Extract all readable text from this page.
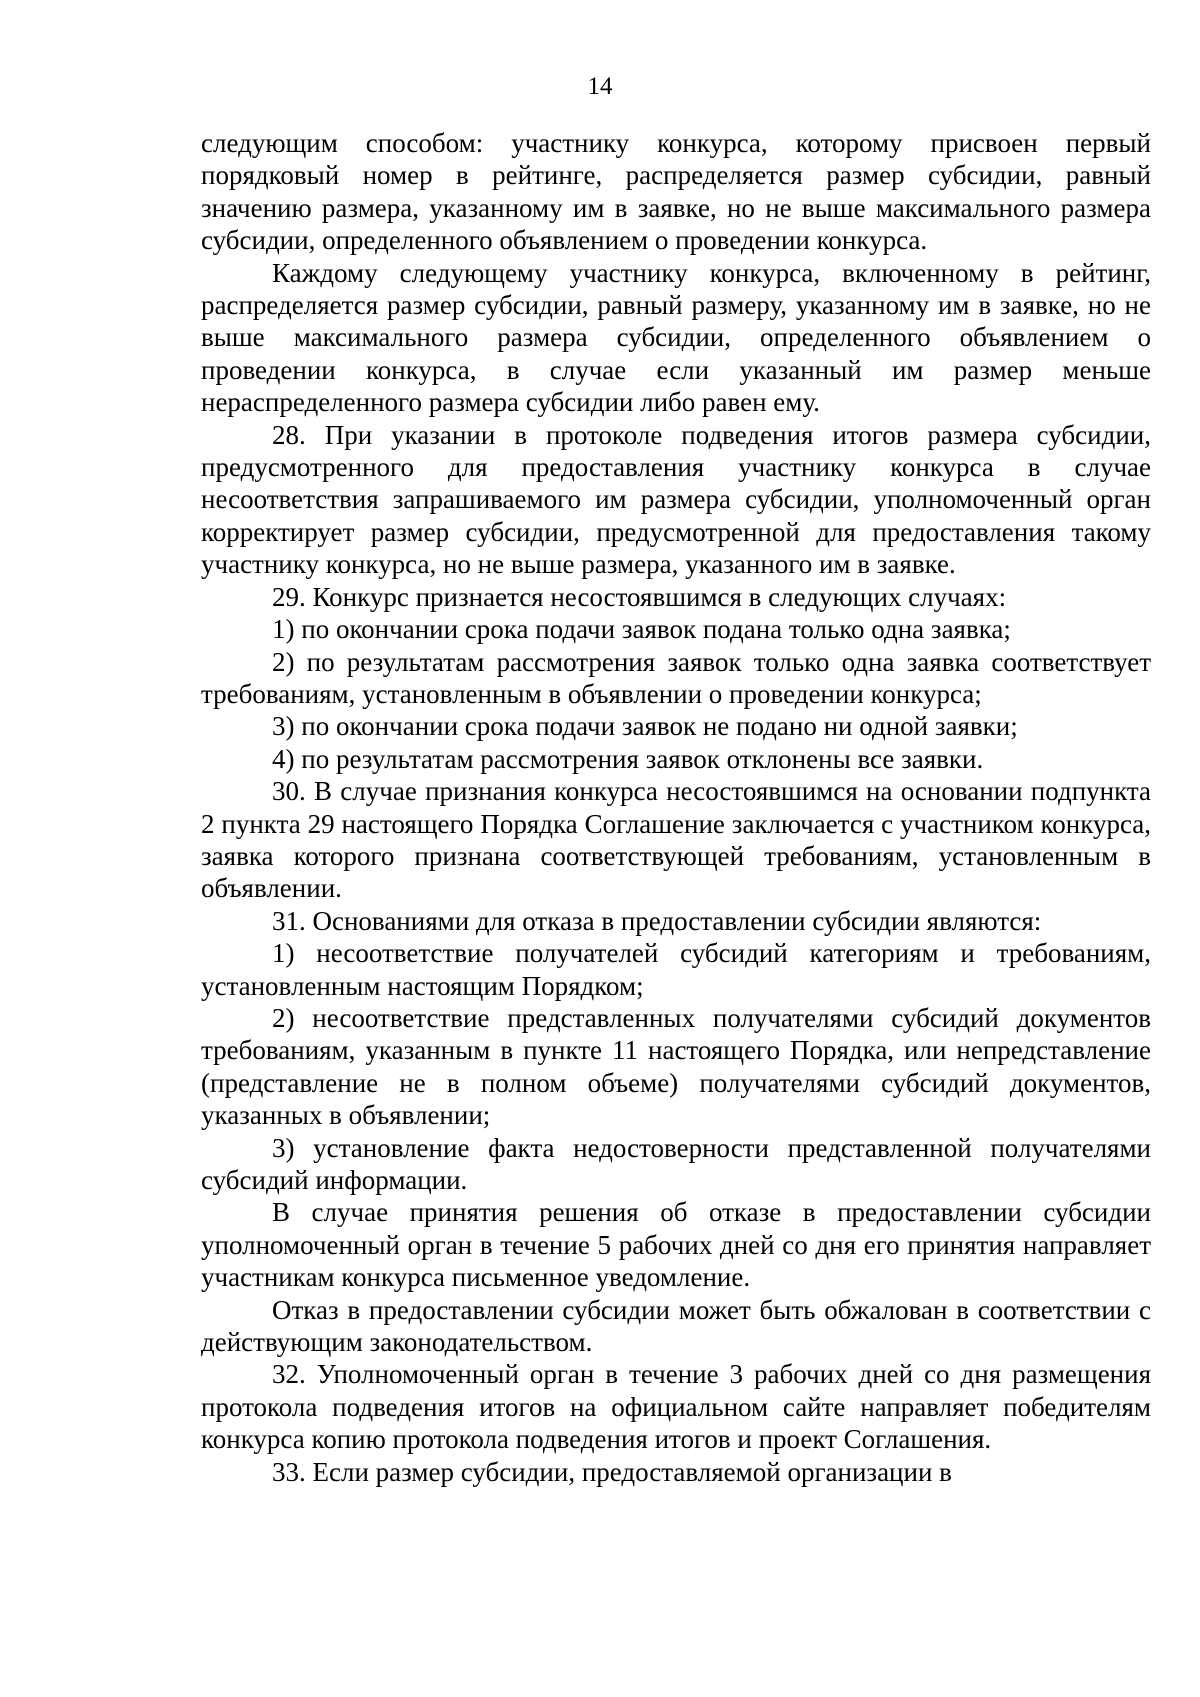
14

следующим способом: участнику конкурса, которому присвоен первый порядковый номер в рейтинге, распределяется размер субсидии, равный значению размера, указанному им в заявке, но не выше максимального размера субсидии, определенного объявлением о проведении конкурса.

Каждому следующему участнику конкурса, включенному в рейтинг, распределяется размер субсидии, равный размеру, указанному им в заявке, но не выше максимального размера субсидии, определенного объявлением о проведении конкурса, в случае если указанный им размер меньше нераспределенного размера субсидии либо равен ему.

28. При указании в протоколе подведения итогов размера субсидии, предусмотренного для предоставления участнику конкурса в случае несоответствия запрашиваемого им размера субсидии, уполномоченный орган корректирует размер субсидии, предусмотренной для предоставления такому участнику конкурса, но не выше размера, указанного им в заявке.

29. Конкурс признается несостоявшимся в следующих случаях:

1) по окончании срока подачи заявок подана только одна заявка;

2) по результатам рассмотрения заявок только одна заявка соответствует требованиям, установленным в объявлении о проведении конкурса;

3) по окончании срока подачи заявок не подано ни одной заявки;

4) по результатам рассмотрения заявок отклонены все заявки.

30. В случае признания конкурса несостоявшимся на основании подпункта 2 пункта 29 настоящего Порядка Соглашение заключается с участником конкурса, заявка которого признана соответствующей требованиям, установленным в объявлении.

31. Основаниями для отказа в предоставлении субсидии являются:

1) несоответствие получателей субсидий категориям и требованиям, установленным настоящим Порядком;

2) несоответствие представленных получателями субсидий документов требованиям, указанным в пункте 11 настоящего Порядка, или непредставление (представление не в полном объеме) получателями субсидий документов, указанных в объявлении;

3) установление факта недостоверности представленной получателями субсидий информации.

В случае принятия решения об отказе в предоставлении субсидии уполномоченный орган в течение 5 рабочих дней со дня его принятия направляет участникам конкурса письменное уведомление.

Отказ в предоставлении субсидии может быть обжалован в соответствии с действующим законодательством.

32. Уполномоченный орган в течение 3 рабочих дней со дня размещения протокола подведения итогов на официальном сайте направляет победителям конкурса копию протокола подведения итогов и проект Соглашения.

33. Если размер субсидии, предоставляемой организации в
